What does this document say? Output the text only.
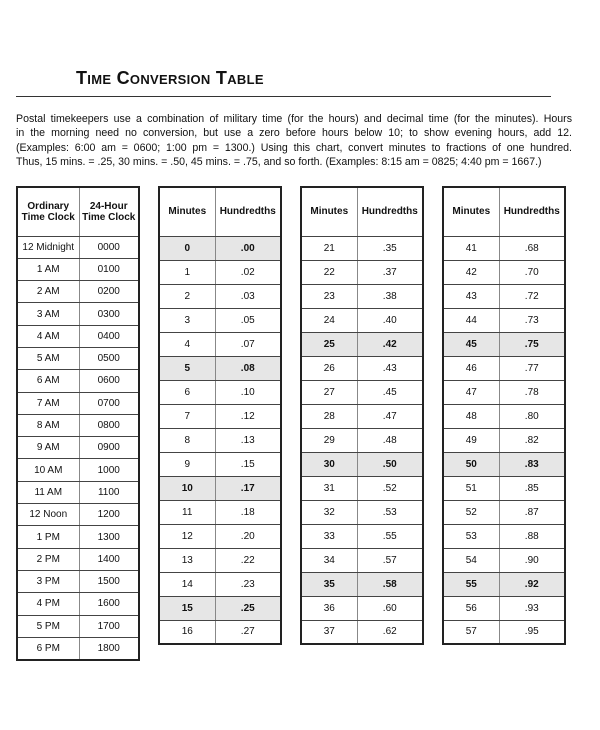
Time Conversion Table
Postal timekeepers use a combination of military time (for the hours) and decimal time (for the minutes). Hours
in the morning need no conversion, but use a zero before hours below 10; to show evening hours, add 12.
(Examples: 6:00 am = 0600; 1:00 pm = 1300.) Using this chart, convert minutes to fractions of one hundred.
Thus, 15 mins. = .25, 30 mins. = .50, 45 mins. = .75, and so forth. (Examples: 8:15 am = 0825; 4:40 pm = 1667.)
Ordinary Time Clock	24-Hour Time Clock
12 Midnight	0000
1 AM	0100
2 AM	0200
3 AM	0300
4 AM	0400
5 AM	0500
6 AM	0600
7 AM	0700
8 AM	0800
9 AM	0900
10 AM	1000
11 AM	1100
12 Noon	1200
1 PM	1300
2 PM	1400
3 PM	1500
4 PM	1600
5 PM	1700
6 PM	1800
Minutes	Hundredths
0	.00
1	.02
2	.03
3	.05
4	.07
5	.08
6	.10
7	.12
8	.13
9	.15
10	.17
11	.18
12	.20
13	.22
14	.23
15	.25
16	.27
Minutes	Hundredths
21	.35
22	.37
23	.38
24	.40
25	.42
26	.43
27	.45
28	.47
29	.48
30	.50
31	.52
32	.53
33	.55
34	.57
35	.58
36	.60
37	.62
Minutes	Hundredths
41	.68
42	.70
43	.72
44	.73
45	.75
46	.77
47	.78
48	.80
49	.82
50	.83
51	.85
52	.87
53	.88
54	.90
55	.92
56	.93
57	.95
